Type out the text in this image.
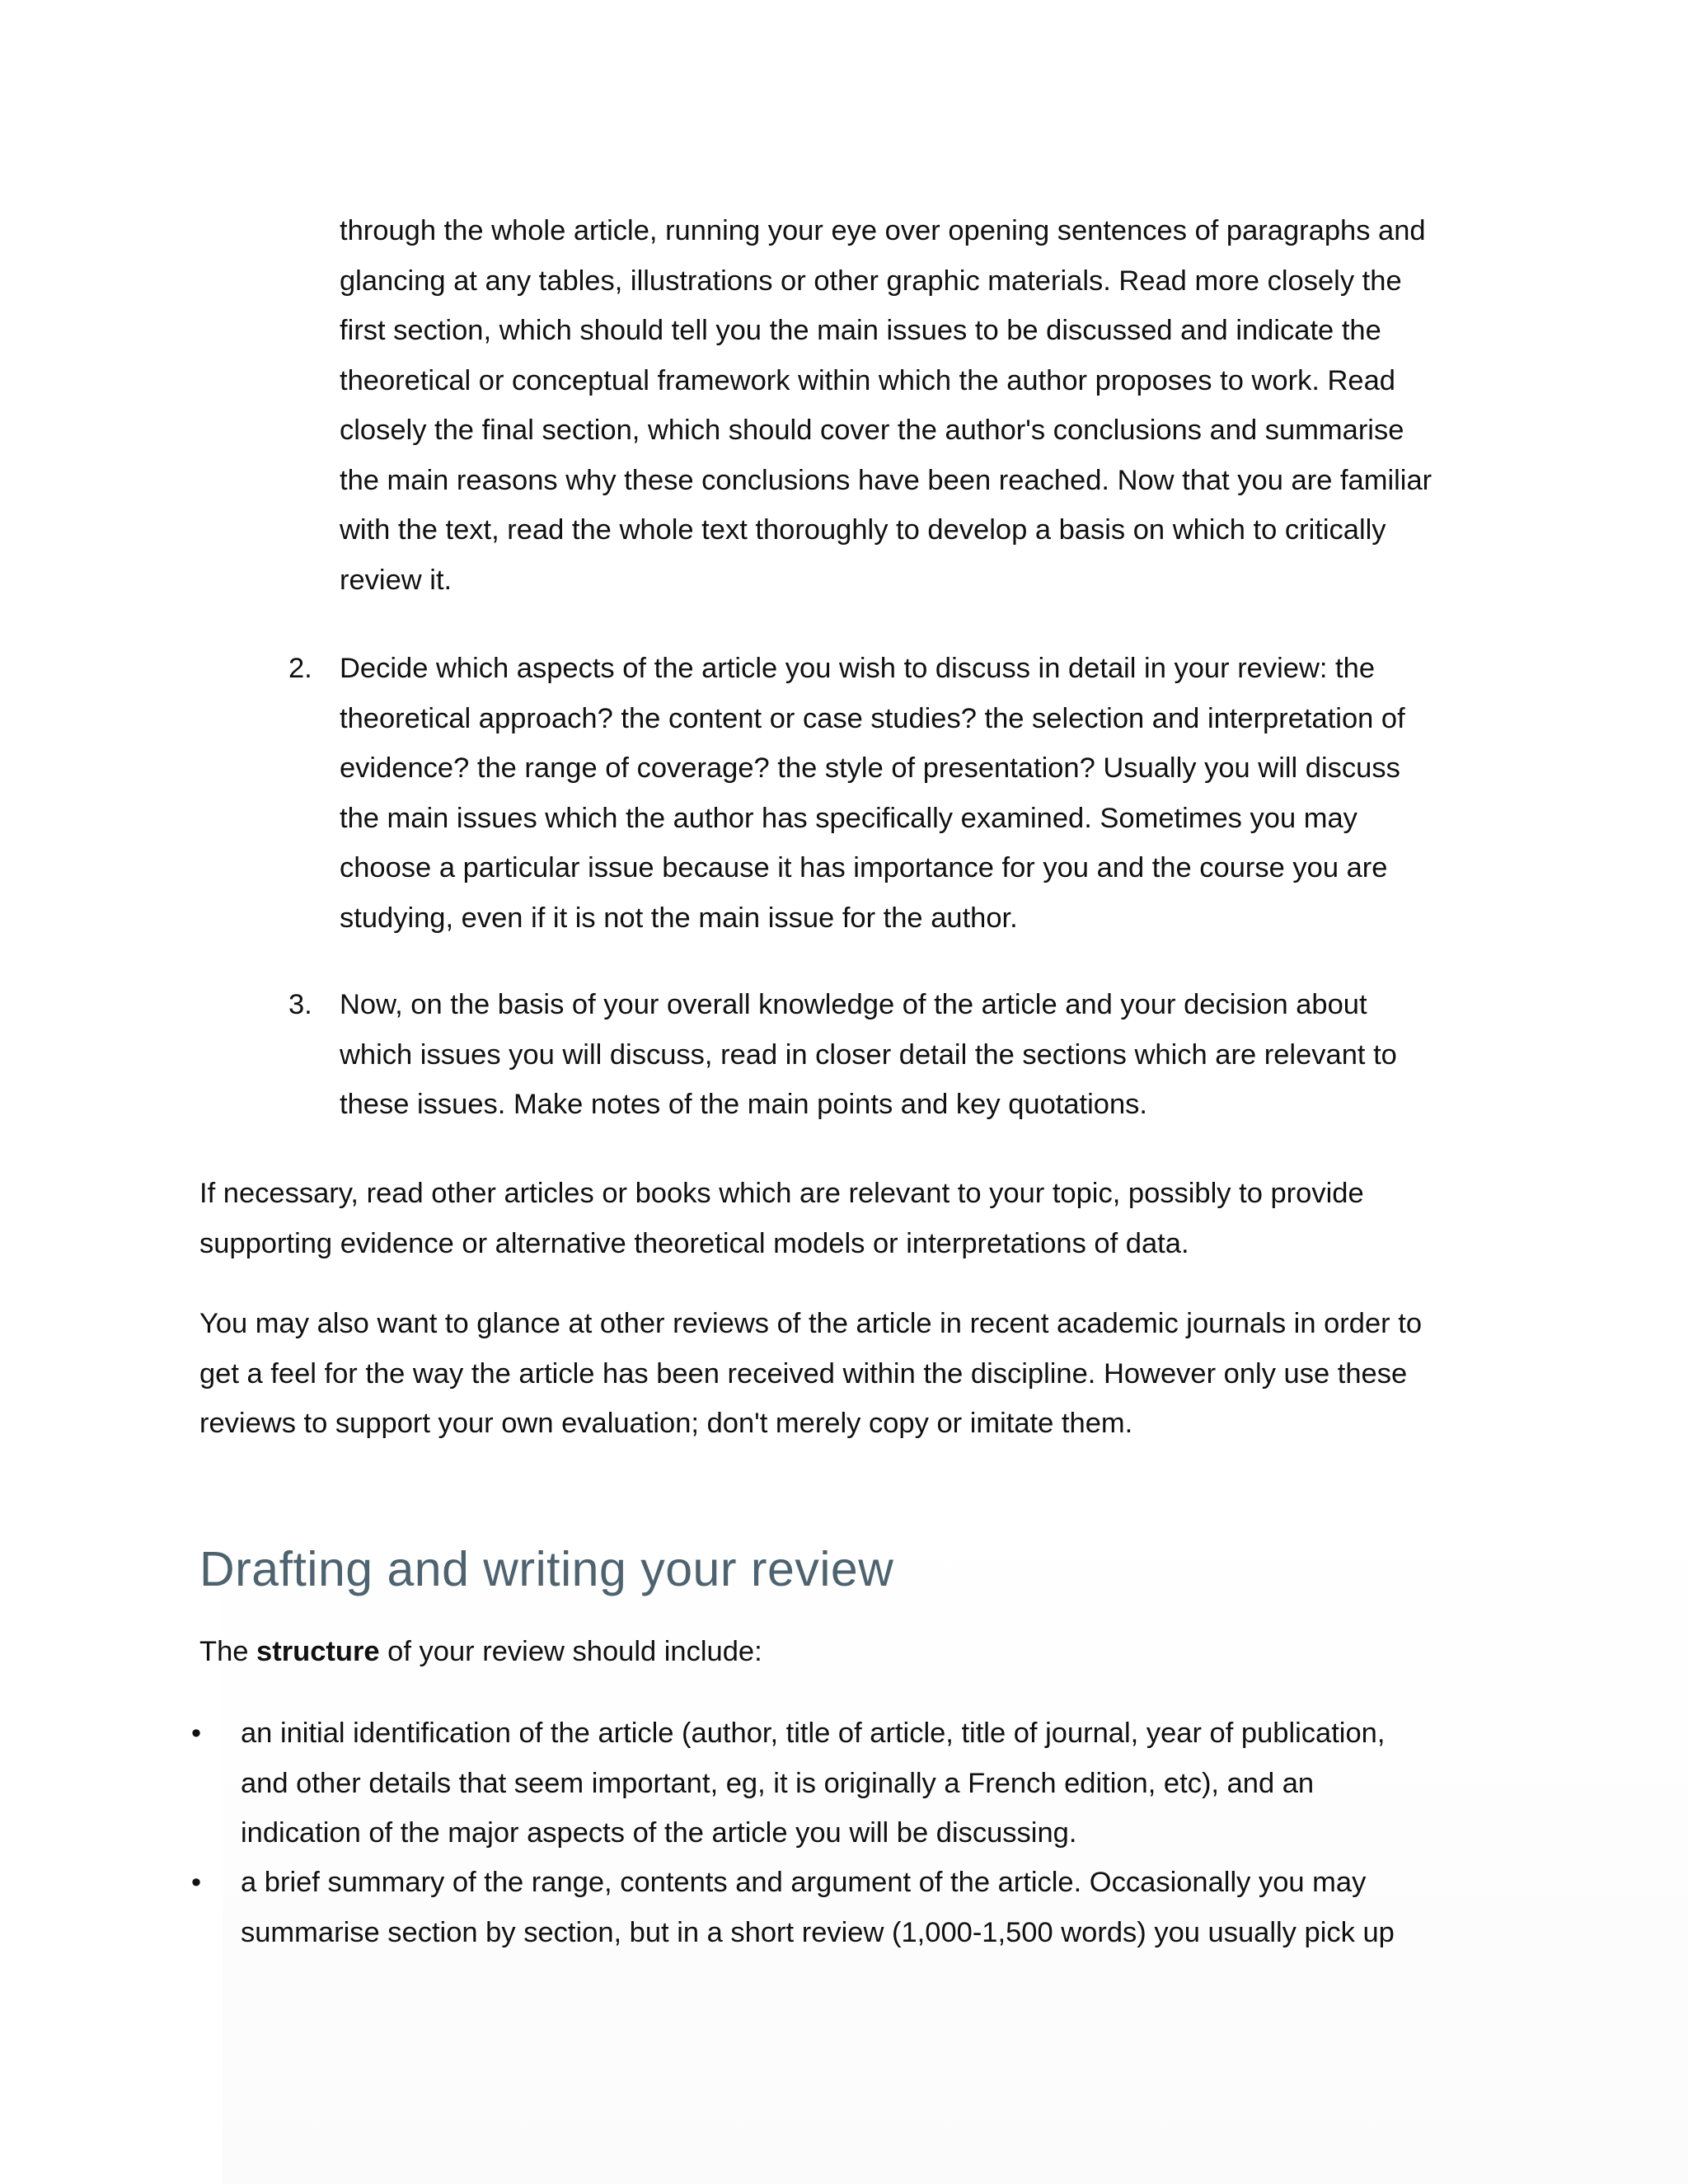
through the whole article, running your eye over opening sentences of paragraphs and

glancing at any tables, illustrations or other graphic materials. Read more closely the

first section, which should tell you the main issues to be discussed and indicate the

theoretical or conceptual framework within which the author proposes to work. Read

closely the final section, which should cover the author's conclusions and summarise

the main reasons why these conclusions have been reached. Now that you are familiar

with the text, read the whole text thoroughly to develop a basis on which to critically

review it.

2. Decide which aspects of the article you wish to discuss in detail in your review: the

theoretical approach? the content or case studies? the selection and interpretation of

evidence? the range of coverage? the style of presentation? Usually you will discuss

the main issues which the author has specifically examined. Sometimes you may

choose a particular issue because it has importance for you and the course you are

studying, even if it is not the main issue for the author.

3. Now, on the basis of your overall knowledge of the article and your decision about

which issues you will discuss, read in closer detail the sections which are relevant to

these issues. Make notes of the main points and key quotations.

If necessary, read other articles or books which are relevant to your topic, possibly to provide

supporting evidence or alternative theoretical models or interpretations of data.

You may also want to glance at other reviews of the article in recent academic journals in order to

get a feel for the way the article has been received within the discipline. However only use these

reviews to support your own evaluation; don't merely copy or imitate them.

Drafting and writing your review

The structure of your review should include:

•	an initial identification of the article (author, title of article, title of journal, year of publication,

and other details that seem important, eg, it is originally a French edition, etc), and an

indication of the major aspects of the article you will be discussing.

•	a brief summary of the range, contents and argument of the article. Occasionally you may

summarise section by section, but in a short review (1,000-1,500 words) you usually pick up
